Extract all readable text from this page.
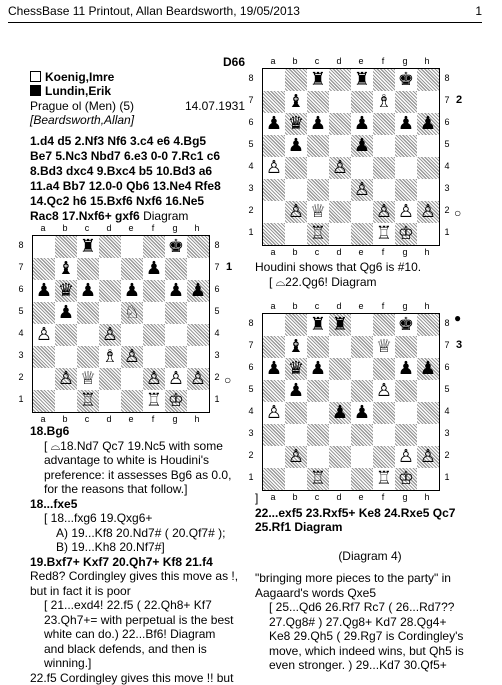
ChessBase 11 Printout, Allan Beardsworth, 19/05/2013	1
D66
Koenig,Imre
Lundin,Erik
Prague ol (Men) (5)	14.07.1931
[Beardsworth,Allan]
1.d4 d5 2.Nf3 Nf6 3.c4 e6 4.Bg5
Be7 5.Nc3 Nbd7 6.e3 0-0 7.Rc1 c6
8.Bd3 dxc4 9.Bxc4 b5 10.Bd3 a6
11.a4 Bb7 12.0-0 Qb6 13.Ne4 Rfe8
14.Qc2 h6 15.Bxf6 Nxf6 16.Ne5
Rac8 17.Nxf6+ gxf6 Diagram
a b c d e f g h
a b c d e f g h
8	8
7	7
6	6
5	5
4	4
3	3
2	2
1	1
♜	♚
♝	♟
♟ ♛ ♟ ♟ ♟ ♟
♟	♘
♙	♙
♗ ♙
♙ ♕	♙ ♙ ♙
♖	♖ ♔
1
○
a b c d e f g h
a b c d e f g h
8	8
7	7
6	6
5	5
4	4
3	3
2	2
1	1
♜ ♜ ♚
♝	♗
♟ ♛ ♟ ♟ ♟ ♟
♟	♟
♙	♙
♙
♙ ♕	♙ ♙ ♙
♖	♖ ♔
2
○
a b c d e f g h
a b c d e f g h
8	8
7	7
6	6
5	5
4	4
3	3
2	2
1	1
♜ ♜	♚
♝	♕
♟ ♛ ♟	♟ ♟
♟	♙
♙	♟ ♟
♙	♙ ♙
♖	♖ ♔
3
●
18.Bg6
[ ⌓18.Nd7 Qc7 19.Nc5 with some
advantage to white is Houdini's
preference: it assesses Bg6 as 0.0,
for the reasons that follow.]
18...fxe5
[ 18...fxg6 19.Qxg6+
A) 19...Kf8 20.Nd7# ( 20.Qf7# );
B) 19...Kh8 20.Nf7#]
19.Bxf7+ Kxf7 20.Qh7+ Kf8 21.f4
Red8? Cordingley gives this move as !,
but in fact it is poor
[ 21...exd4! 22.f5 ( 22.Qh8+ Kf7
23.Qh7+= with perpetual is the best
white can do.) 22...Bf6! Diagram
and black defends, and then is
winning.]
22.f5 Cordingley gives this move !! but
Houdini shows that Qg6 is #10.
[ ⌓22.Qg6! Diagram
]
22...exf5 23.Rxf5+ Ke8 24.Rxe5 Qc7
25.Rf1 Diagram
(Diagram 4)
"bringing more pieces to the party" in
Aagaard's words Qxe5
[ 25...Qd6 26.Rf7 Rc7 ( 26...Rd7??
27.Qg8# ) 27.Qg8+ Kd7 28.Qg4+
Ke8 29.Qh5 ( 29.Rg7 is Cordingley's
move, which indeed wins, but Qh5 is
even stronger. ) 29...Kd7 30.Qf5+
